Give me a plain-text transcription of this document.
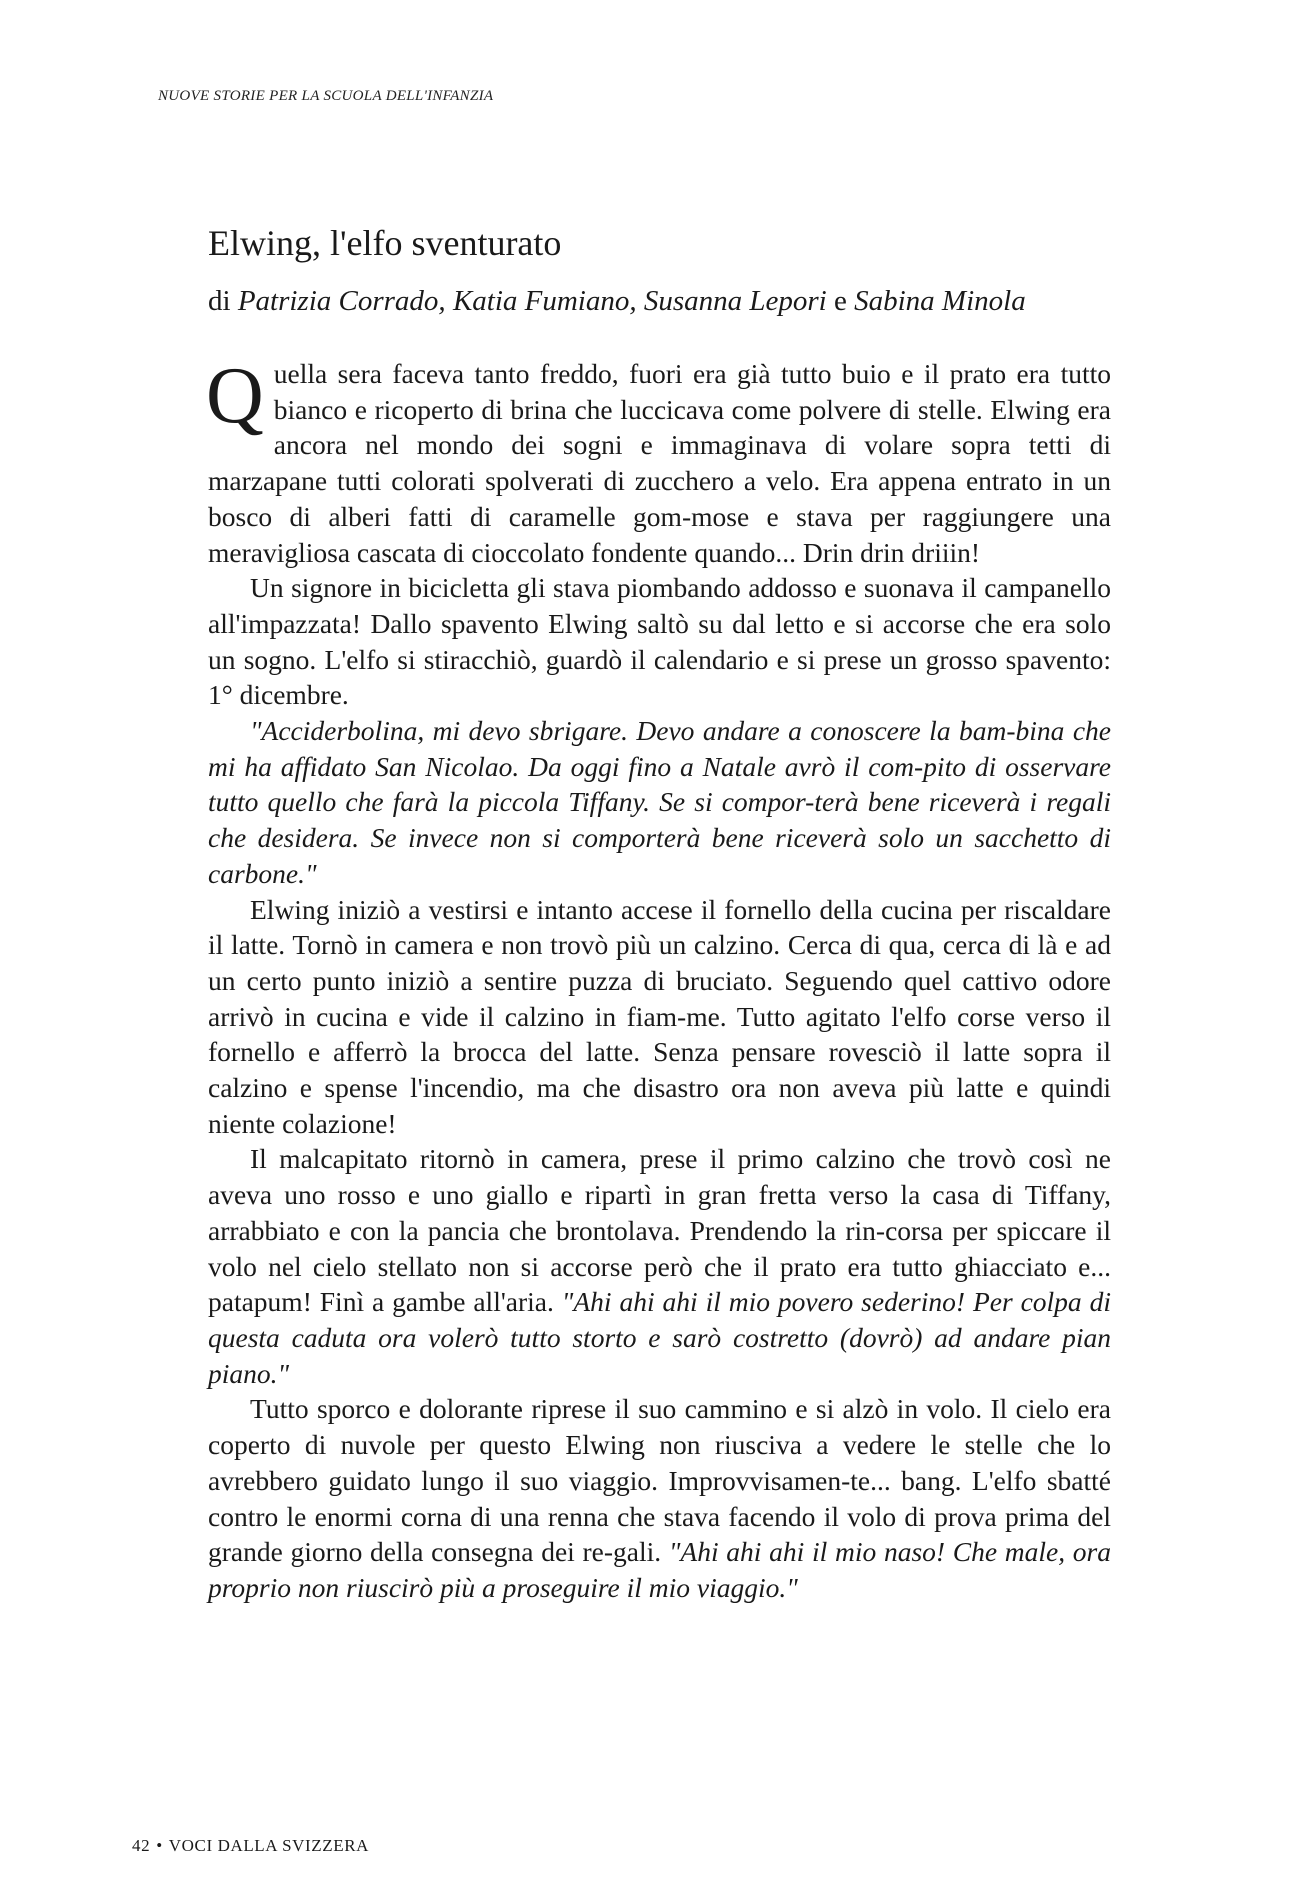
NUOVE STORIE PER LA SCUOLA DELL'INFANZIA
Elwing, l'elfo sventurato
di Patrizia Corrado, Katia Fumiano, Susanna Lepori e Sabina Minola

Q uella sera faceva tanto freddo, fuori era già tutto buio e il prato era tutto bianco e ricoperto di brina che luccicava come polvere di stelle. Elwing era ancora nel mondo dei sogni e immaginava di volare sopra tetti di marzapane tutti colorati spolverati di zucchero a velo. Era appena entrato in un bosco di alberi fatti di caramelle gom-mose e stava per raggiungere una meravigliosa cascata di cioccolato fondente quando... Drin drin driiin!

Un signore in bicicletta gli stava piombando addosso e suonava il campanello all'impazzata! Dallo spavento Elwing saltò su dal letto e si accorse che era solo un sogno. L'elfo si stiracchiò, guardò il calendario e si prese un grosso spavento: 1° dicembre.

"Acciderbolina, mi devo sbrigare. Devo andare a conoscere la bam-bina che mi ha affidato San Nicolao. Da oggi fino a Natale avrò il com-pito di osservare tutto quello che farà la piccola Tiffany. Se si compor-terà bene riceverà i regali che desidera. Se invece non si comporterà bene riceverà solo un sacchetto di carbone."

Elwing iniziò a vestirsi e intanto accese il fornello della cucina per riscaldare il latte. Tornò in camera e non trovò più un calzino. Cerca di qua, cerca di là e ad un certo punto iniziò a sentire puzza di bruciato. Seguendo quel cattivo odore arrivò in cucina e vide il calzino in fiam-me. Tutto agitato l'elfo corse verso il fornello e afferrò la brocca del latte. Senza pensare rovesciò il latte sopra il calzino e spense l'incendio, ma che disastro ora non aveva più latte e quindi niente colazione!

Il malcapitato ritornò in camera, prese il primo calzino che trovò così ne aveva uno rosso e uno giallo e ripartì in gran fretta verso la casa di Tiffany, arrabbiato e con la pancia che brontolava. Prendendo la rin-corsa per spiccare il volo nel cielo stellato non si accorse però che il prato era tutto ghiacciato e... patapum! Finì a gambe all'aria. "Ahi ahi ahi il mio povero sederino! Per colpa di questa caduta ora volerò tutto storto e sarò costretto (dovrò) ad andare pian piano."

Tutto sporco e dolorante riprese il suo cammino e si alzò in volo. Il cielo era coperto di nuvole per questo Elwing non riusciva a vedere le stelle che lo avrebbero guidato lungo il suo viaggio. Improvvisamen-te... bang. L'elfo sbatté contro le enormi corna di una renna che stava facendo il volo di prova prima del grande giorno della consegna dei re-gali. "Ahi ahi ahi il mio naso! Che male, ora proprio non riuscirò più a proseguire il mio viaggio."

42 • VOCI DALLA SVIZZERA
